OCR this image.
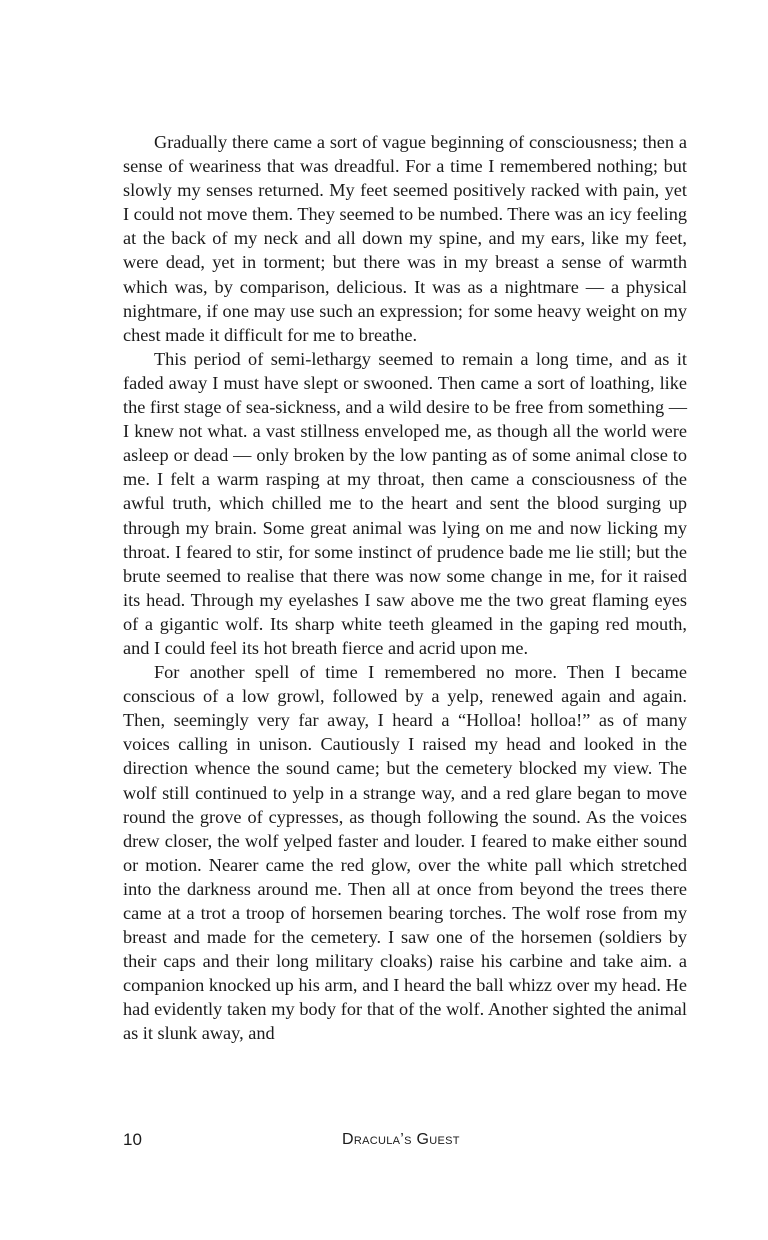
Gradually there came a sort of vague beginning of consciousness; then a sense of weariness that was dreadful. For a time I remembered nothing; but slowly my senses returned. My feet seemed positively racked with pain, yet I could not move them. They seemed to be numbed. There was an icy feeling at the back of my neck and all down my spine, and my ears, like my feet, were dead, yet in torment; but there was in my breast a sense of warmth which was, by comparison, delicious. It was as a nightmare — a physical nightmare, if one may use such an expression; for some heavy weight on my chest made it difficult for me to breathe.

This period of semi-lethargy seemed to remain a long time, and as it faded away I must have slept or swooned. Then came a sort of loathing, like the first stage of sea-sickness, and a wild desire to be free from something — I knew not what. a vast stillness enveloped me, as though all the world were asleep or dead — only broken by the low panting as of some animal close to me. I felt a warm rasping at my throat, then came a consciousness of the awful truth, which chilled me to the heart and sent the blood surging up through my brain. Some great animal was lying on me and now licking my throat. I feared to stir, for some instinct of prudence bade me lie still; but the brute seemed to realise that there was now some change in me, for it raised its head. Through my eyelashes I saw above me the two great flaming eyes of a gigantic wolf. Its sharp white teeth gleamed in the gaping red mouth, and I could feel its hot breath fierce and acrid upon me.

For another spell of time I remembered no more. Then I became conscious of a low growl, followed by a yelp, renewed again and again. Then, seemingly very far away, I heard a “Holloa! holloa!” as of many voices calling in unison. Cautiously I raised my head and looked in the direction whence the sound came; but the cemetery blocked my view. The wolf still continued to yelp in a strange way, and a red glare began to move round the grove of cypresses, as though following the sound. As the voices drew closer, the wolf yelped faster and louder. I feared to make either sound or motion. Nearer came the red glow, over the white pall which stretched into the darkness around me. Then all at once from beyond the trees there came at a trot a troop of horsemen bearing torches. The wolf rose from my breast and made for the cemetery. I saw one of the horsemen (soldiers by their caps and their long military cloaks) raise his carbine and take aim. a companion knocked up his arm, and I heard the ball whizz over my head. He had evidently taken my body for that of the wolf. Another sighted the animal as it slunk away, and

10	Dracula’s Guest
